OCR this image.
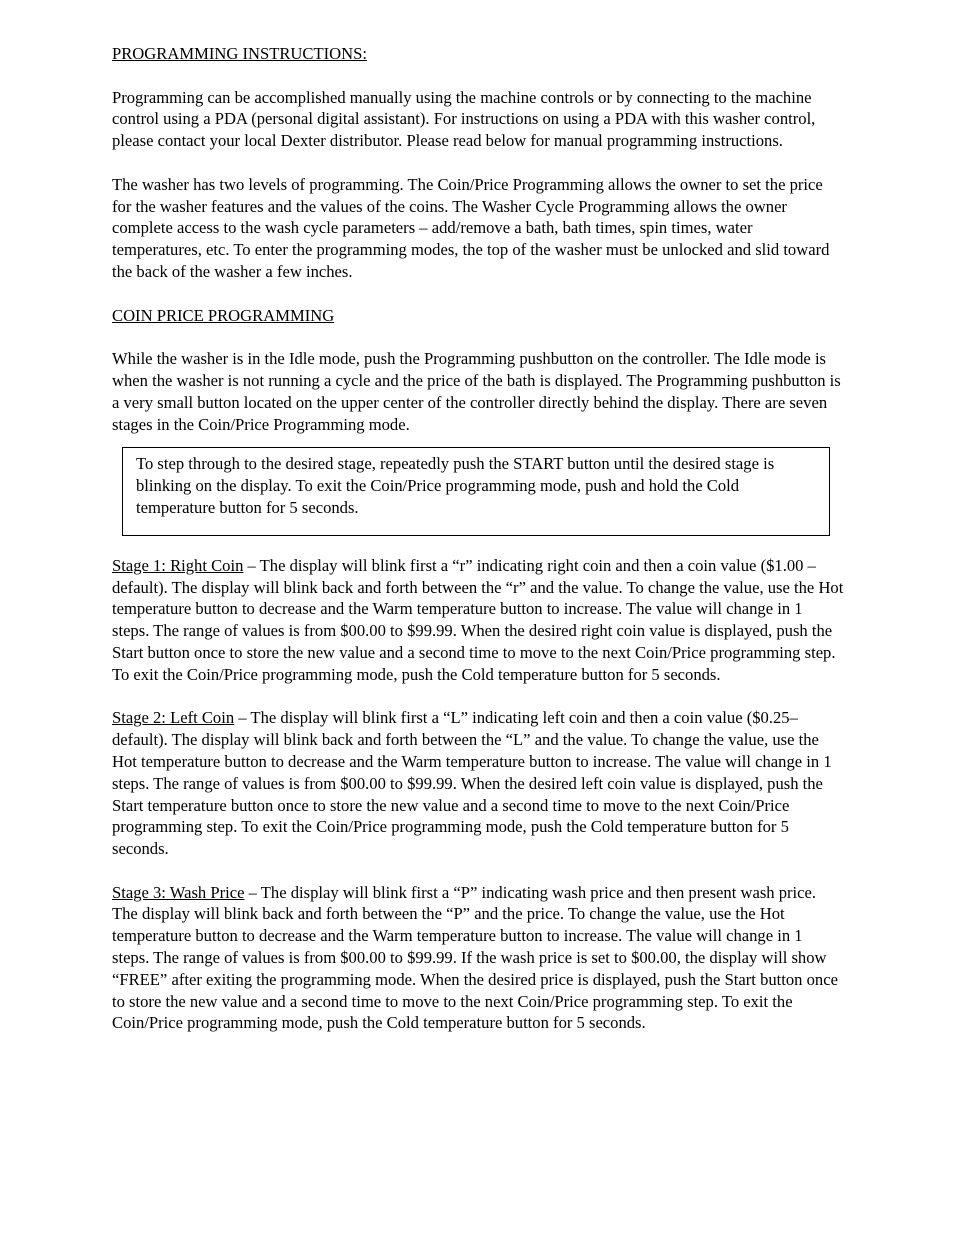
PROGRAMMING INSTRUCTIONS:

Programming can be accomplished manually using the machine controls or by connecting to the machine control using a PDA (personal digital assistant). For instructions on using a PDA with this washer control, please contact your local Dexter distributor. Please read below for manual programming instructions.

The washer has two levels of programming. The Coin/Price Programming allows the owner to set the price for the washer features and the values of the coins. The Washer Cycle Programming allows the owner complete access to the wash cycle parameters – add/remove a bath, bath times, spin times, water temperatures, etc. To enter the programming modes, the top of the washer must be unlocked and slid toward the back of the washer a few inches.

COIN PRICE PROGRAMMING

While the washer is in the Idle mode, push the Programming pushbutton on the controller. The Idle mode is when the washer is not running a cycle and the price of the bath is displayed. The Programming pushbutton is a very small button located on the upper center of the controller directly behind the display. There are seven stages in the Coin/Price Programming mode.

To step through to the desired stage, repeatedly push the START button until the desired stage is blinking on the display. To exit the Coin/Price programming mode, push and hold the Cold temperature button for 5 seconds.

Stage 1: Right Coin – The display will blink first a “r” indicating right coin and then a coin value ($1.00 – default). The display will blink back and forth between the “r” and the value. To change the value, use the Hot temperature button to decrease and the Warm temperature button to increase. The value will change in 1 steps. The range of values is from $00.00 to $99.99. When the desired right coin value is displayed, push the Start button once to store the new value and a second time to move to the next Coin/Price programming step.
To exit the Coin/Price programming mode, push the Cold temperature button for 5 seconds.

Stage 2: Left Coin – The display will blink first a “L” indicating left coin and then a coin value ($0.25– default). The display will blink back and forth between the “L” and the value. To change the value, use the Hot temperature button to decrease and the Warm temperature button to increase. The value will change in 1 steps. The range of values is from $00.00 to $99.99. When the desired left coin value is displayed, push the Start temperature button once to store the new value and a second time to move to the next Coin/Price programming step. To exit the Coin/Price programming mode, push the Cold temperature button for 5 seconds.

Stage 3: Wash Price – The display will blink first a “P” indicating wash price and then present wash price. The display will blink back and forth between the “P” and the price. To change the value, use the Hot temperature button to decrease and the Warm temperature button to increase. The value will change in 1 steps. The range of values is from $00.00 to $99.99. If the wash price is set to $00.00, the display will show “FREE” after exiting the programming mode. When the desired price is displayed, push the Start button once to store the new value and a second time to move to the next Coin/Price programming step. To exit the Coin/Price programming mode, push the Cold temperature button for 5 seconds.
